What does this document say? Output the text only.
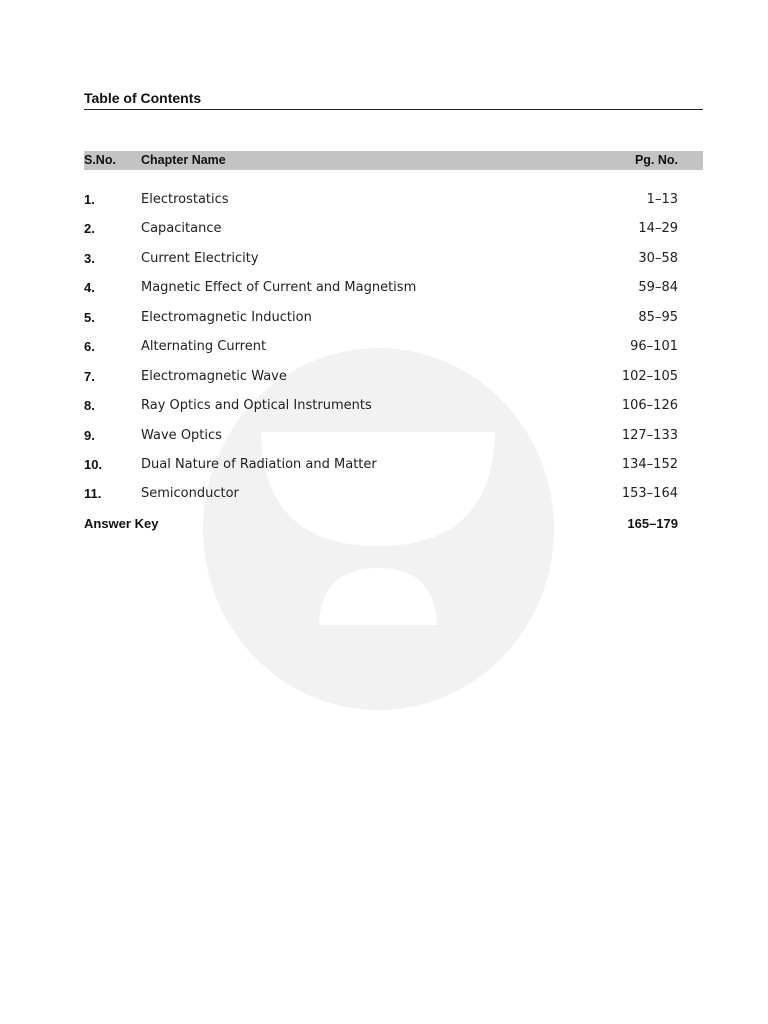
Table of Contents
S.No. Chapter Name	Pg. No.
1.	Electrostatics	1–13
2.	Capacitance	14–29
3.	Current Electricity	30–58
4.	Magnetic Effect of Current and Magnetism	59–84
5.	Electromagnetic Induction	85–95
6.	Alternating Current	96–101
7.	Electromagnetic Wave	102–105
8.	Ray Optics and Optical Instruments	106–126
9.	Wave Optics	127–133
10.	Dual Nature of Radiation and Matter	134–152
11.	Semiconductor	153–164
Answer Key	165–179
